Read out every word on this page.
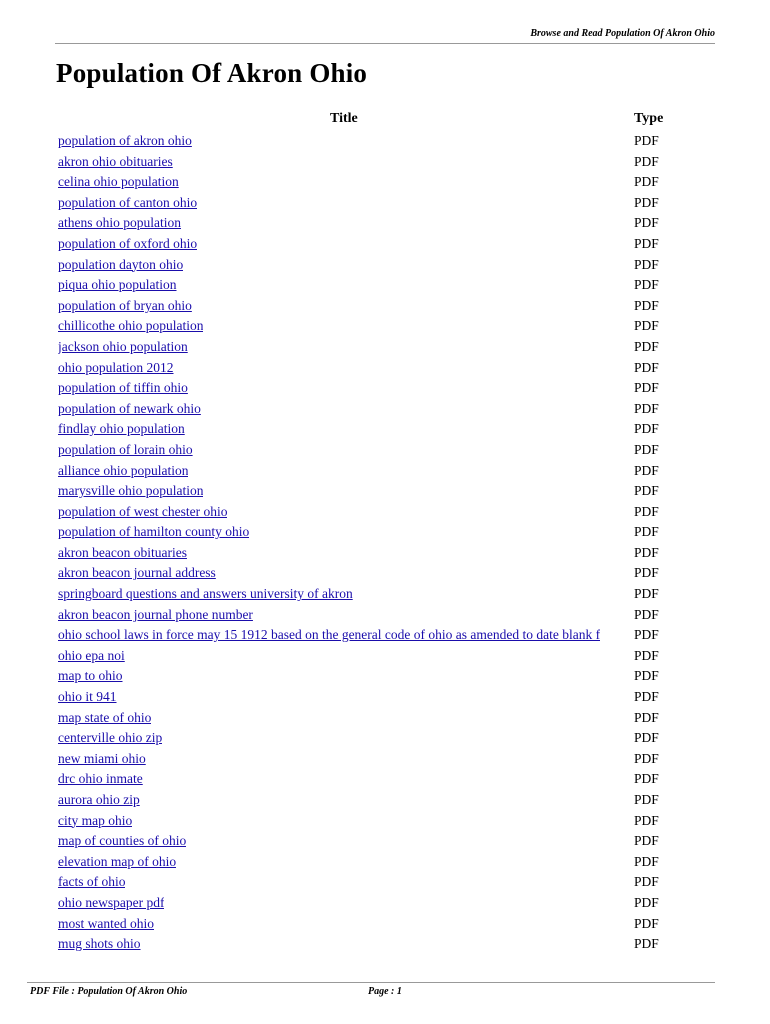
Browse and Read Population Of Akron Ohio
Population Of Akron Ohio
Title	Type
population of akron ohio	PDF
akron ohio obituaries	PDF
celina ohio population	PDF
population of canton ohio	PDF
athens ohio population	PDF
population of oxford ohio	PDF
population dayton ohio	PDF
piqua ohio population	PDF
population of bryan ohio	PDF
chillicothe ohio population	PDF
jackson ohio population	PDF
ohio population 2012	PDF
population of tiffin ohio	PDF
population of newark ohio	PDF
findlay ohio population	PDF
population of lorain ohio	PDF
alliance ohio population	PDF
marysville ohio population	PDF
population of west chester ohio	PDF
population of hamilton county ohio	PDF
akron beacon obituaries	PDF
akron beacon journal address	PDF
springboard questions and answers university of akron	PDF
akron beacon journal phone number	PDF
ohio school laws in force may 15 1912 based on the general code of ohio as amended to date blank f	PDF
ohio epa noi	PDF
map to ohio	PDF
ohio it 941	PDF
map state of ohio	PDF
centerville ohio zip	PDF
new miami ohio	PDF
drc ohio inmate	PDF
aurora ohio zip	PDF
city map ohio	PDF
map of counties of ohio	PDF
elevation map of ohio	PDF
facts of ohio	PDF
ohio newspaper pdf	PDF
most wanted ohio	PDF
mug shots ohio	PDF
PDF File : Population Of Akron Ohio	Page : 1
